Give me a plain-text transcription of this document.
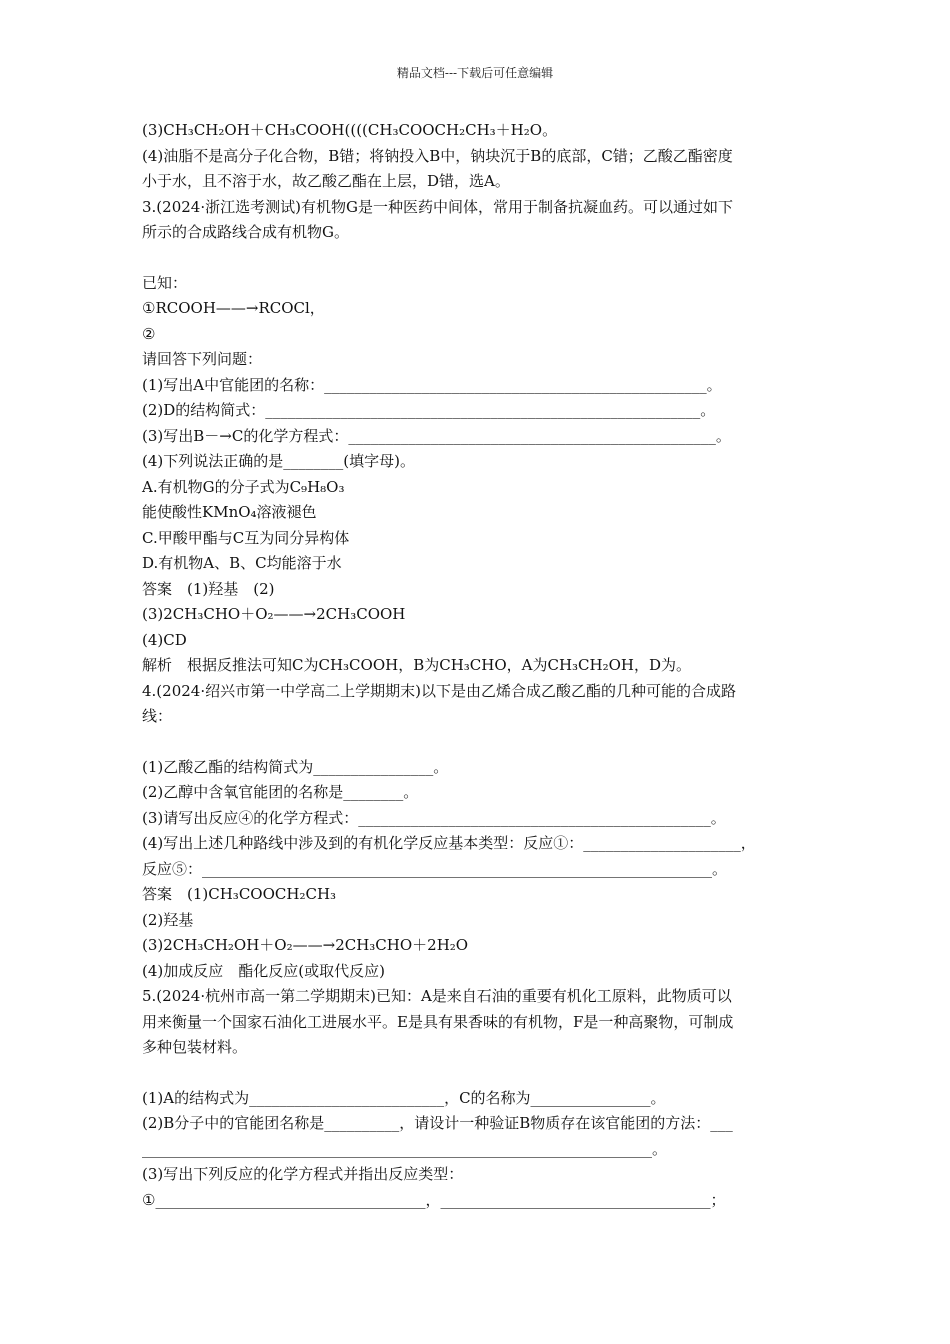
精品文档---下载后可任意编辑
(3)CH₃CH₂OH＋CH₃COOH((((CH₃COOCH₂CH₃＋H₂O。
(4)油脂不是高分子化合物，B错；将钠投入B中，钠块沉于B的底部，C错；乙酸乙酯密度
小于水，且不溶于水，故乙酸乙酯在上层，D错，选A。
3.(2024·浙江选考测试)有机物G是一种医药中间体，常用于制备抗凝血药。可以通过如下
所示的合成路线合成有机物G。
已知：
①RCOOH——→RCOCl，
②
请回答下列问题：
(1)写出A中官能团的名称：___________________________________________________。
(2)D的结构简式：__________________________________________________________。
(3)写出B－→C的化学方程式：_________________________________________________。
(4)下列说法正确的是________(填字母)。
A.有机物G的分子式为C₉H₈O₃
能使酸性KMnO₄溶液褪色
C.甲酸甲酯与C互为同分异构体
D.有机物A、B、C均能溶于水
答案　(1)羟基　(2)
(3)2CH₃CHO＋O₂——→2CH₃COOH
(4)CD
解析　根据反推法可知C为CH₃COOH，B为CH₃CHO，A为CH₃CH₂OH，D为。
4.(2024·绍兴市第一中学高二上学期期末)以下是由乙烯合成乙酸乙酯的几种可能的合成路
线：
(1)乙酸乙酯的结构简式为________________。
(2)乙醇中含氧官能团的名称是________。
(3)请写出反应④的化学方程式：_______________________________________________。
(4)写出上述几种路线中涉及到的有机化学反应基本类型：反应①：_____________________，
反应⑤：____________________________________________________________________。
答案　(1)CH₃COOCH₂CH₃
(2)羟基
(3)2CH₃CH₂OH＋O₂——→2CH₃CHO＋2H₂O
(4)加成反应　酯化反应(或取代反应)
5.(2024·杭州市高一第二学期期末)已知：A是来自石油的重要有机化工原料，此物质可以
用来衡量一个国家石油化工进展水平。E是具有果香味的有机物，F是一种高聚物，可制成
多种包装材料。
(1)A的结构式为__________________________，C的名称为________________。
(2)B分子中的官能团名称是__________，请设计一种验证B物质存在该官能团的方法：___
____________________________________________________________________。
(3)写出下列反应的化学方程式并指出反应类型：
①____________________________________，____________________________________；
